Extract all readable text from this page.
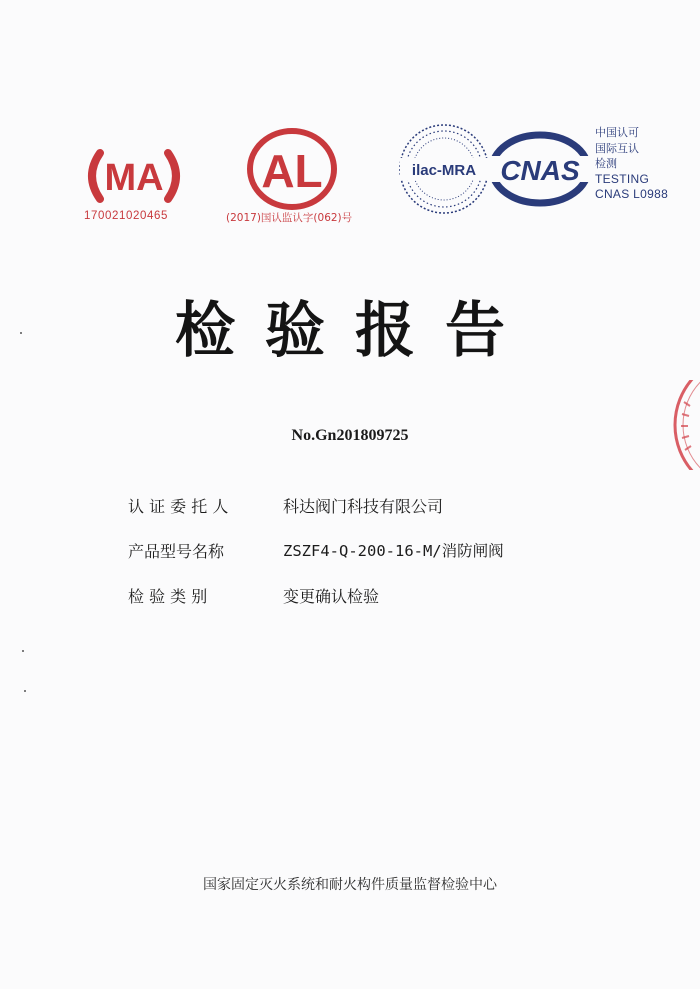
MA
170021020465
AL
(2017)国认监认字(062)号
ilac-MRA CNAS
中国认可
国际互认
检测
TESTING
CNAS L0988
检验报告
No.Gn201809725
认 证 委 托 人	科达阀门科技有限公司
产品型号名称	ZSZF4-Q-200-16-M/消防闸阀
检 验 类 别	变更确认检验
国家固定灭火系统和耐火构件质量监督检验中心
